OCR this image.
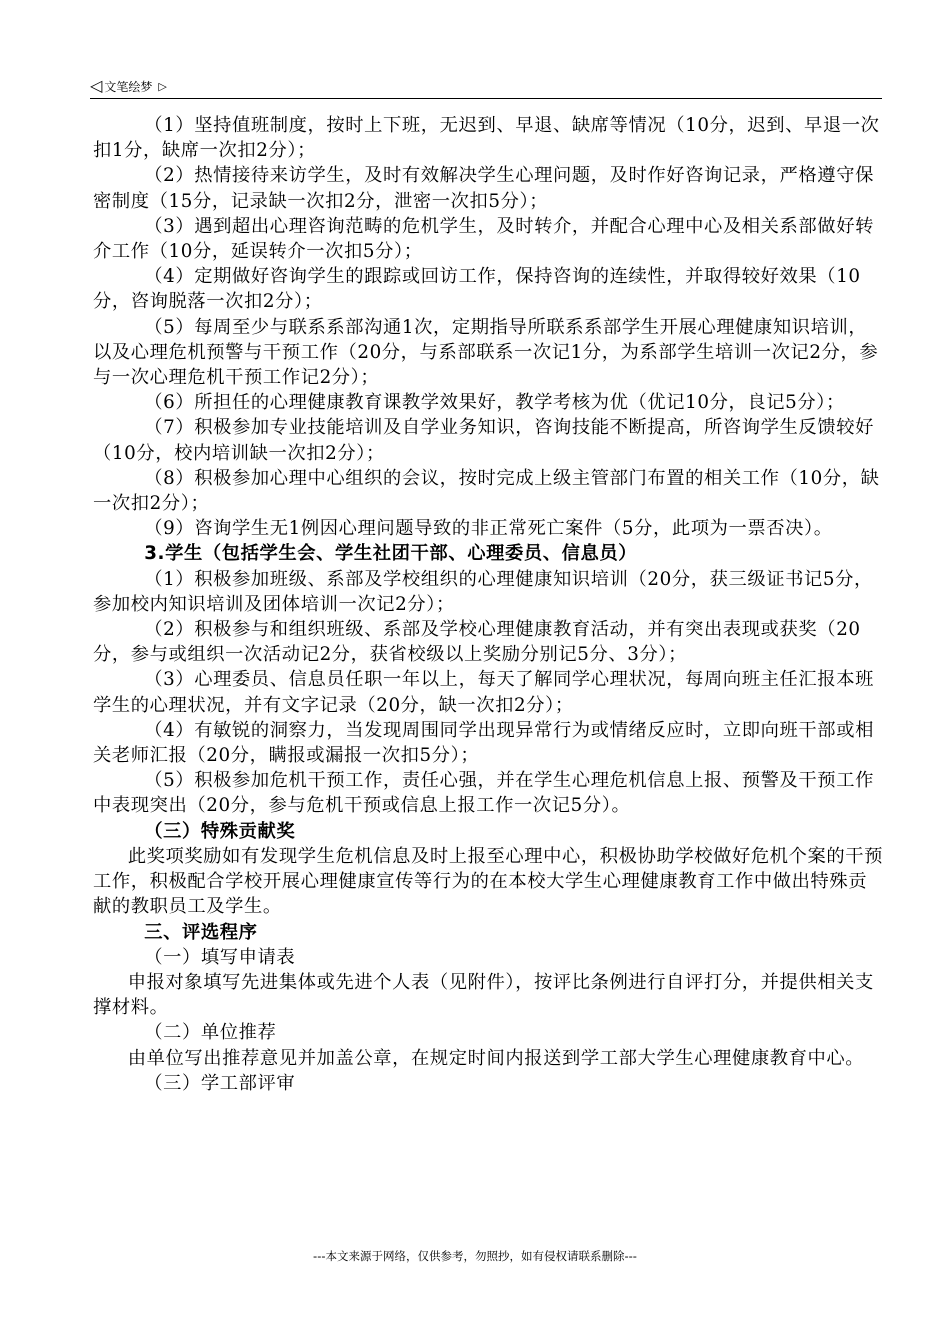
◁ 文笔绘梦 ▷

（1）坚持值班制度，按时上下班，无迟到、早退、缺席等情况（10分，迟到、早退一次扣1分，缺席一次扣2分）；

（2）热情接待来访学生，及时有效解决学生心理问题，及时作好咨询记录，严格遵守保密制度（15分，记录缺一次扣2分，泄密一次扣5分）；

（3）遇到超出心理咨询范畴的危机学生，及时转介，并配合心理中心及相关系部做好转介工作（10分，延误转介一次扣5分）；

（4）定期做好咨询学生的跟踪或回访工作，保持咨询的连续性，并取得较好效果（10分，咨询脱落一次扣2分）；

（5）每周至少与联系系部沟通1次，定期指导所联系系部学生开展心理健康知识培训，以及心理危机预警与干预工作（20分，与系部联系一次记1分，为系部学生培训一次记2分，参与一次心理危机干预工作记2分）；

（6）所担任的心理健康教育课教学效果好，教学考核为优（优记10分，良记5分）；

（7）积极参加专业技能培训及自学业务知识，咨询技能不断提高，所咨询学生反馈较好（10分，校内培训缺一次扣2分）；

（8）积极参加心理中心组织的会议，按时完成上级主管部门布置的相关工作（10分，缺一次扣2分）；

（9）咨询学生无1例因心理问题导致的非正常死亡案件（5分，此项为一票否决）。

3.学生（包括学生会、学生社团干部、心理委员、信息员）

（1）积极参加班级、系部及学校组织的心理健康知识培训（20分，获三级证书记5分，参加校内知识培训及团体培训一次记2分）；

（2）积极参与和组织班级、系部及学校心理健康教育活动，并有突出表现或获奖（20分，参与或组织一次活动记2分，获省校级以上奖励分别记5分、3分）；

（3）心理委员、信息员任职一年以上，每天了解同学心理状况，每周向班主任汇报本班学生的心理状况，并有文字记录（20分，缺一次扣2分）；

（4）有敏锐的洞察力，当发现周围同学出现异常行为或情绪反应时，立即向班干部或相关老师汇报（20分，瞒报或漏报一次扣5分）；

（5）积极参加危机干预工作，责任心强，并在学生心理危机信息上报、预警及干预工作中表现突出（20分，参与危机干预或信息上报工作一次记5分）。

（三）特殊贡献奖

此奖项奖励如有发现学生危机信息及时上报至心理中心，积极协助学校做好危机个案的干预工作，积极配合学校开展心理健康宣传等行为的在本校大学生心理健康教育工作中做出特殊贡献的教职员工及学生。

三、评选程序

（一）填写申请表

申报对象填写先进集体或先进个人表（见附件），按评比条例进行自评打分，并提供相关支撑材料。

（二）单位推荐

由单位写出推荐意见并加盖公章，在规定时间内报送到学工部大学生心理健康教育中心。

（三）学工部评审

---本文来源于网络，仅供参考，勿照抄，如有侵权请联系删除---
